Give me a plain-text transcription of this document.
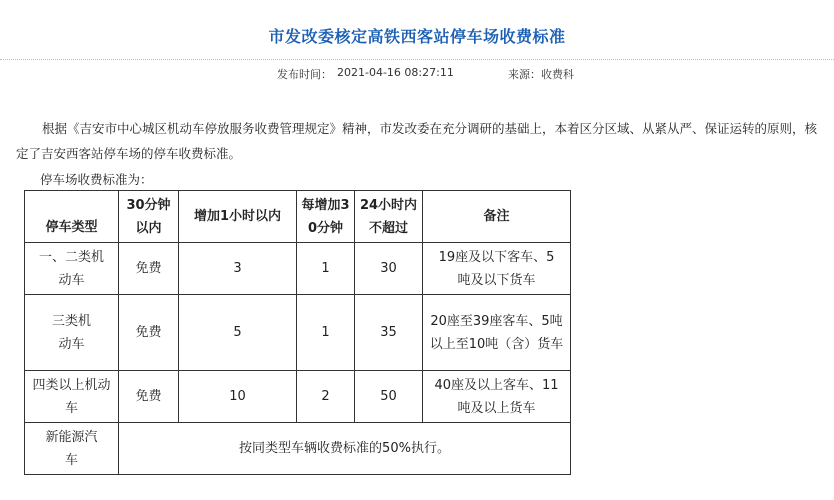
市发改委核定高铁西客站停车场收费标准
发布时间： 2021-04-16 08:27:11	来源： 收费科
根据《吉安市中心城区机动车停放服务收费管理规定》精神，市发改委在充分调研的基础上，本着区分区域、从紧从严、保证运转的原则，核定了吉安西客站停车场的停车收费标准。
停车场收费标准为：
停车类型	30分钟以内	增加1小时以内	每增加30分钟	24小时内不超过	备注
一、二类机动车	免费	3	1	30	19座及以下客车、5吨及以下货车
三类机动车	免费	5	1	35	20座至39座客车、5吨以上至10吨（含）货车
四类以上机动车	免费	10	2	50	40座及以上客车、11吨及以上货车
新能源汽车	按同类型车辆收费标准的50%执行。				
